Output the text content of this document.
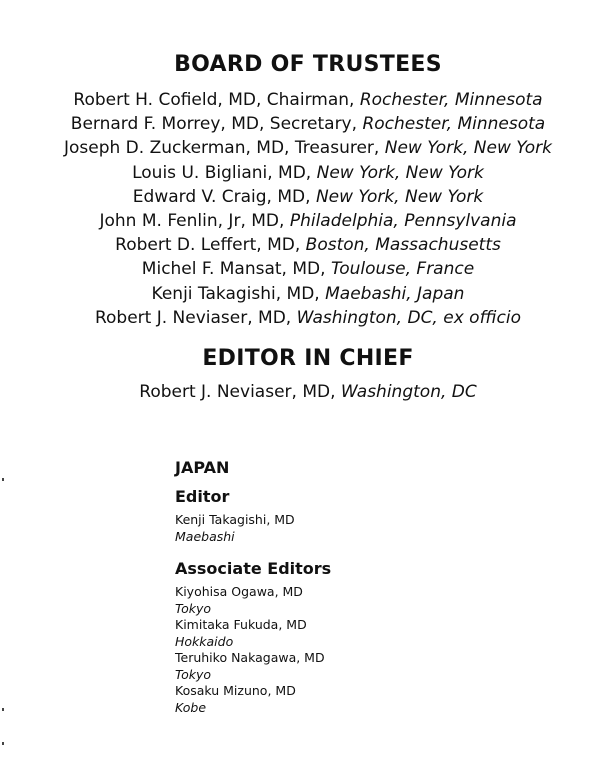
BOARD OF TRUSTEES
Robert H. Cofield, MD, Chairman, Rochester, Minnesota
Bernard F. Morrey, MD, Secretary, Rochester, Minnesota
Joseph D. Zuckerman, MD, Treasurer, New York, New York
Louis U. Bigliani, MD, New York, New York
Edward V. Craig, MD, New York, New York
John M. Fenlin, Jr, MD, Philadelphia, Pennsylvania
Robert D. Leffert, MD, Boston, Massachusetts
Michel F. Mansat, MD, Toulouse, France
Kenji Takagishi, MD, Maebashi, Japan
Robert J. Neviaser, MD, Washington, DC, ex officio
EDITOR IN CHIEF

Robert J. Neviaser, MD, Washington, DC

JAPAN
Editor

Kenji Takagishi, MD
Maebashi

Associate Editors

Kiyohisa Ogawa, MD
Tokyo

Kimitaka Fukuda, MD
Hokkaido

Teruhiko Nakagawa, MD
Tokyo

Kosaku Mizuno, MD
Kobe
